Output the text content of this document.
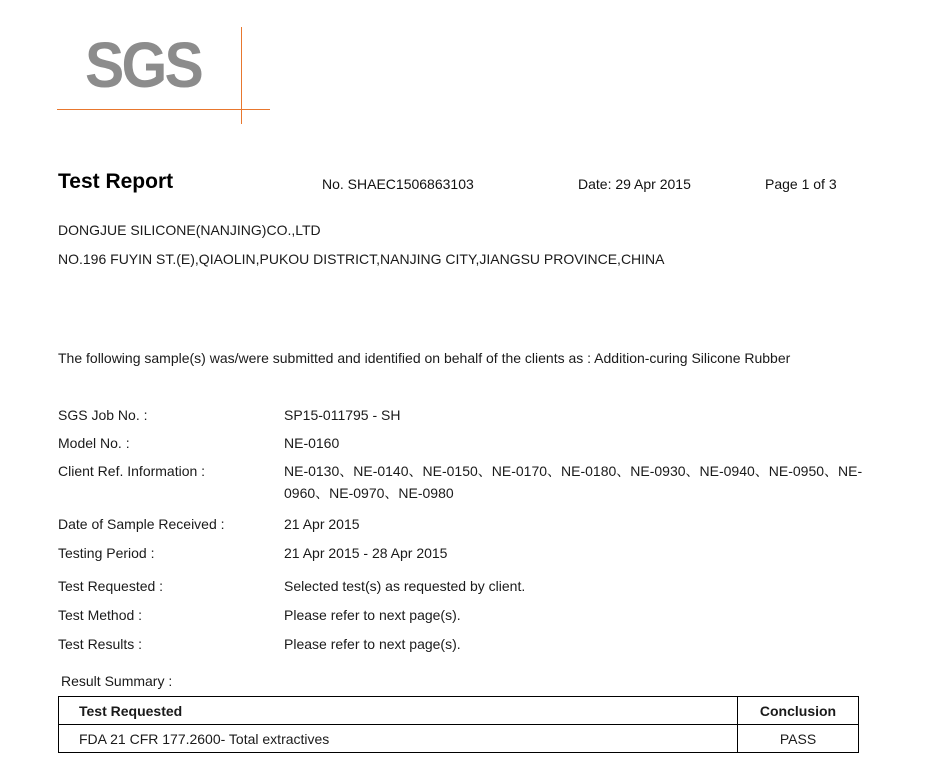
SGS
Test Report	No. SHAEC1506863103	Date: 29 Apr 2015	Page 1 of 3
DONGJUE SILICONE(NANJING)CO.,LTD
NO.196 FUYIN ST.(E),QIAOLIN,PUKOU DISTRICT,NANJING CITY,JIANGSU PROVINCE,CHINA
The following sample(s) was/were submitted and identified on behalf of the clients as : Addition-curing Silicone Rubber
SGS Job No. :	SP15-011795 - SH
Model No. :	NE-0160
Client Ref. Information :	NE-0130、NE-0140、NE-0150、NE-0170、NE-0180、NE-0930、NE-0940、NE-0950、NE-0960、NE-0970、NE-0980
Date of Sample Received :	21 Apr 2015
Testing Period :	21 Apr 2015 - 28 Apr 2015
Test Requested :	Selected test(s) as requested by client.
Test Method :	Please refer to next page(s).
Test Results :	Please refer to next page(s).
Result Summary :
Test Requested	Conclusion
FDA 21 CFR 177.2600- Total extractives	PASS
